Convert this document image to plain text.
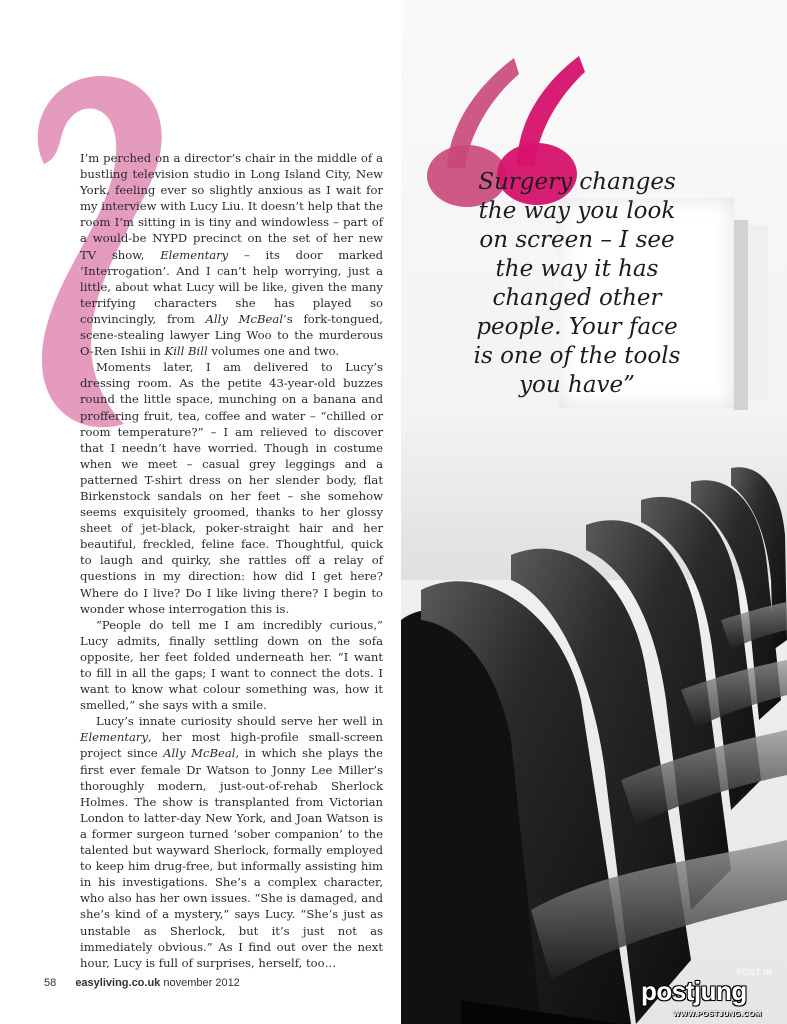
I’m perched on a director’s chair in the middle of a bustling television studio in Long Island City, New York, feeling ever so slightly anxious as I wait for my interview with Lucy Liu. It doesn’t help that the room I’m sitting in is tiny and windowless – part of a would-be NYPD precinct on the set of her new TV show, Elementary – its door marked ‘Interrogation’. And I can’t help worrying, just a little, about what Lucy will be like, given the many terrifying characters she has played so convincingly, from Ally McBeal’s fork-tongued, scene-stealing lawyer Ling Woo to the murderous O-Ren Ishii in Kill Bill volumes one and two.

Moments later, I am delivered to Lucy’s dressing room. As the petite 43-year-old buzzes round the little space, munching on a banana and proffering fruit, tea, coffee and water – “chilled or room temperature?” – I am relieved to discover that I needn’t have worried. Though in costume when we meet – casual grey leggings and a patterned T-shirt dress on her slender body, flat Birkenstock sandals on her feet – she somehow seems exquisitely groomed, thanks to her glossy sheet of jet-black, poker-straight hair and her beautiful, freckled, feline face. Thoughtful, quick to laugh and quirky, she rattles off a relay of questions in my direction: how did I get here? Where do I live? Do I like living there? I begin to wonder whose interrogation this is.

“People do tell me I am incredibly curious,” Lucy admits, finally settling down on the sofa opposite, her feet folded underneath her. “I want to fill in all the gaps; I want to connect the dots. I want to know what colour something was, how it smelled,” she says with a smile.

Lucy’s innate curiosity should serve her well in Elementary, her most high-profile small-screen project since Ally McBeal, in which she plays the first ever female Dr Watson to Jonny Lee Miller’s thoroughly modern, just-out-of-rehab Sherlock Holmes. The show is transplanted from Victorian London to latter-day New York, and Joan Watson is a former surgeon turned ‘sober companion’ to the talented but wayward Sherlock, formally employed to keep him drug-free, but informally assisting him in his investigations. She’s a complex character, who also has her own issues. “She is damaged, and she’s kind of a mystery,” says Lucy. “She’s just as unstable as Sherlock, but it’s just not as immediately obvious.” As I find out over the next hour, Lucy is full of surprises, herself, too…

58 easyliving.co.uk november 2012
Surgery changes
the way you look
on screen – I see
the way it has
changed other
people. Your face
is one of the tools
you have”
POST IN
postjung
WWW.POSTJUNG.COM
